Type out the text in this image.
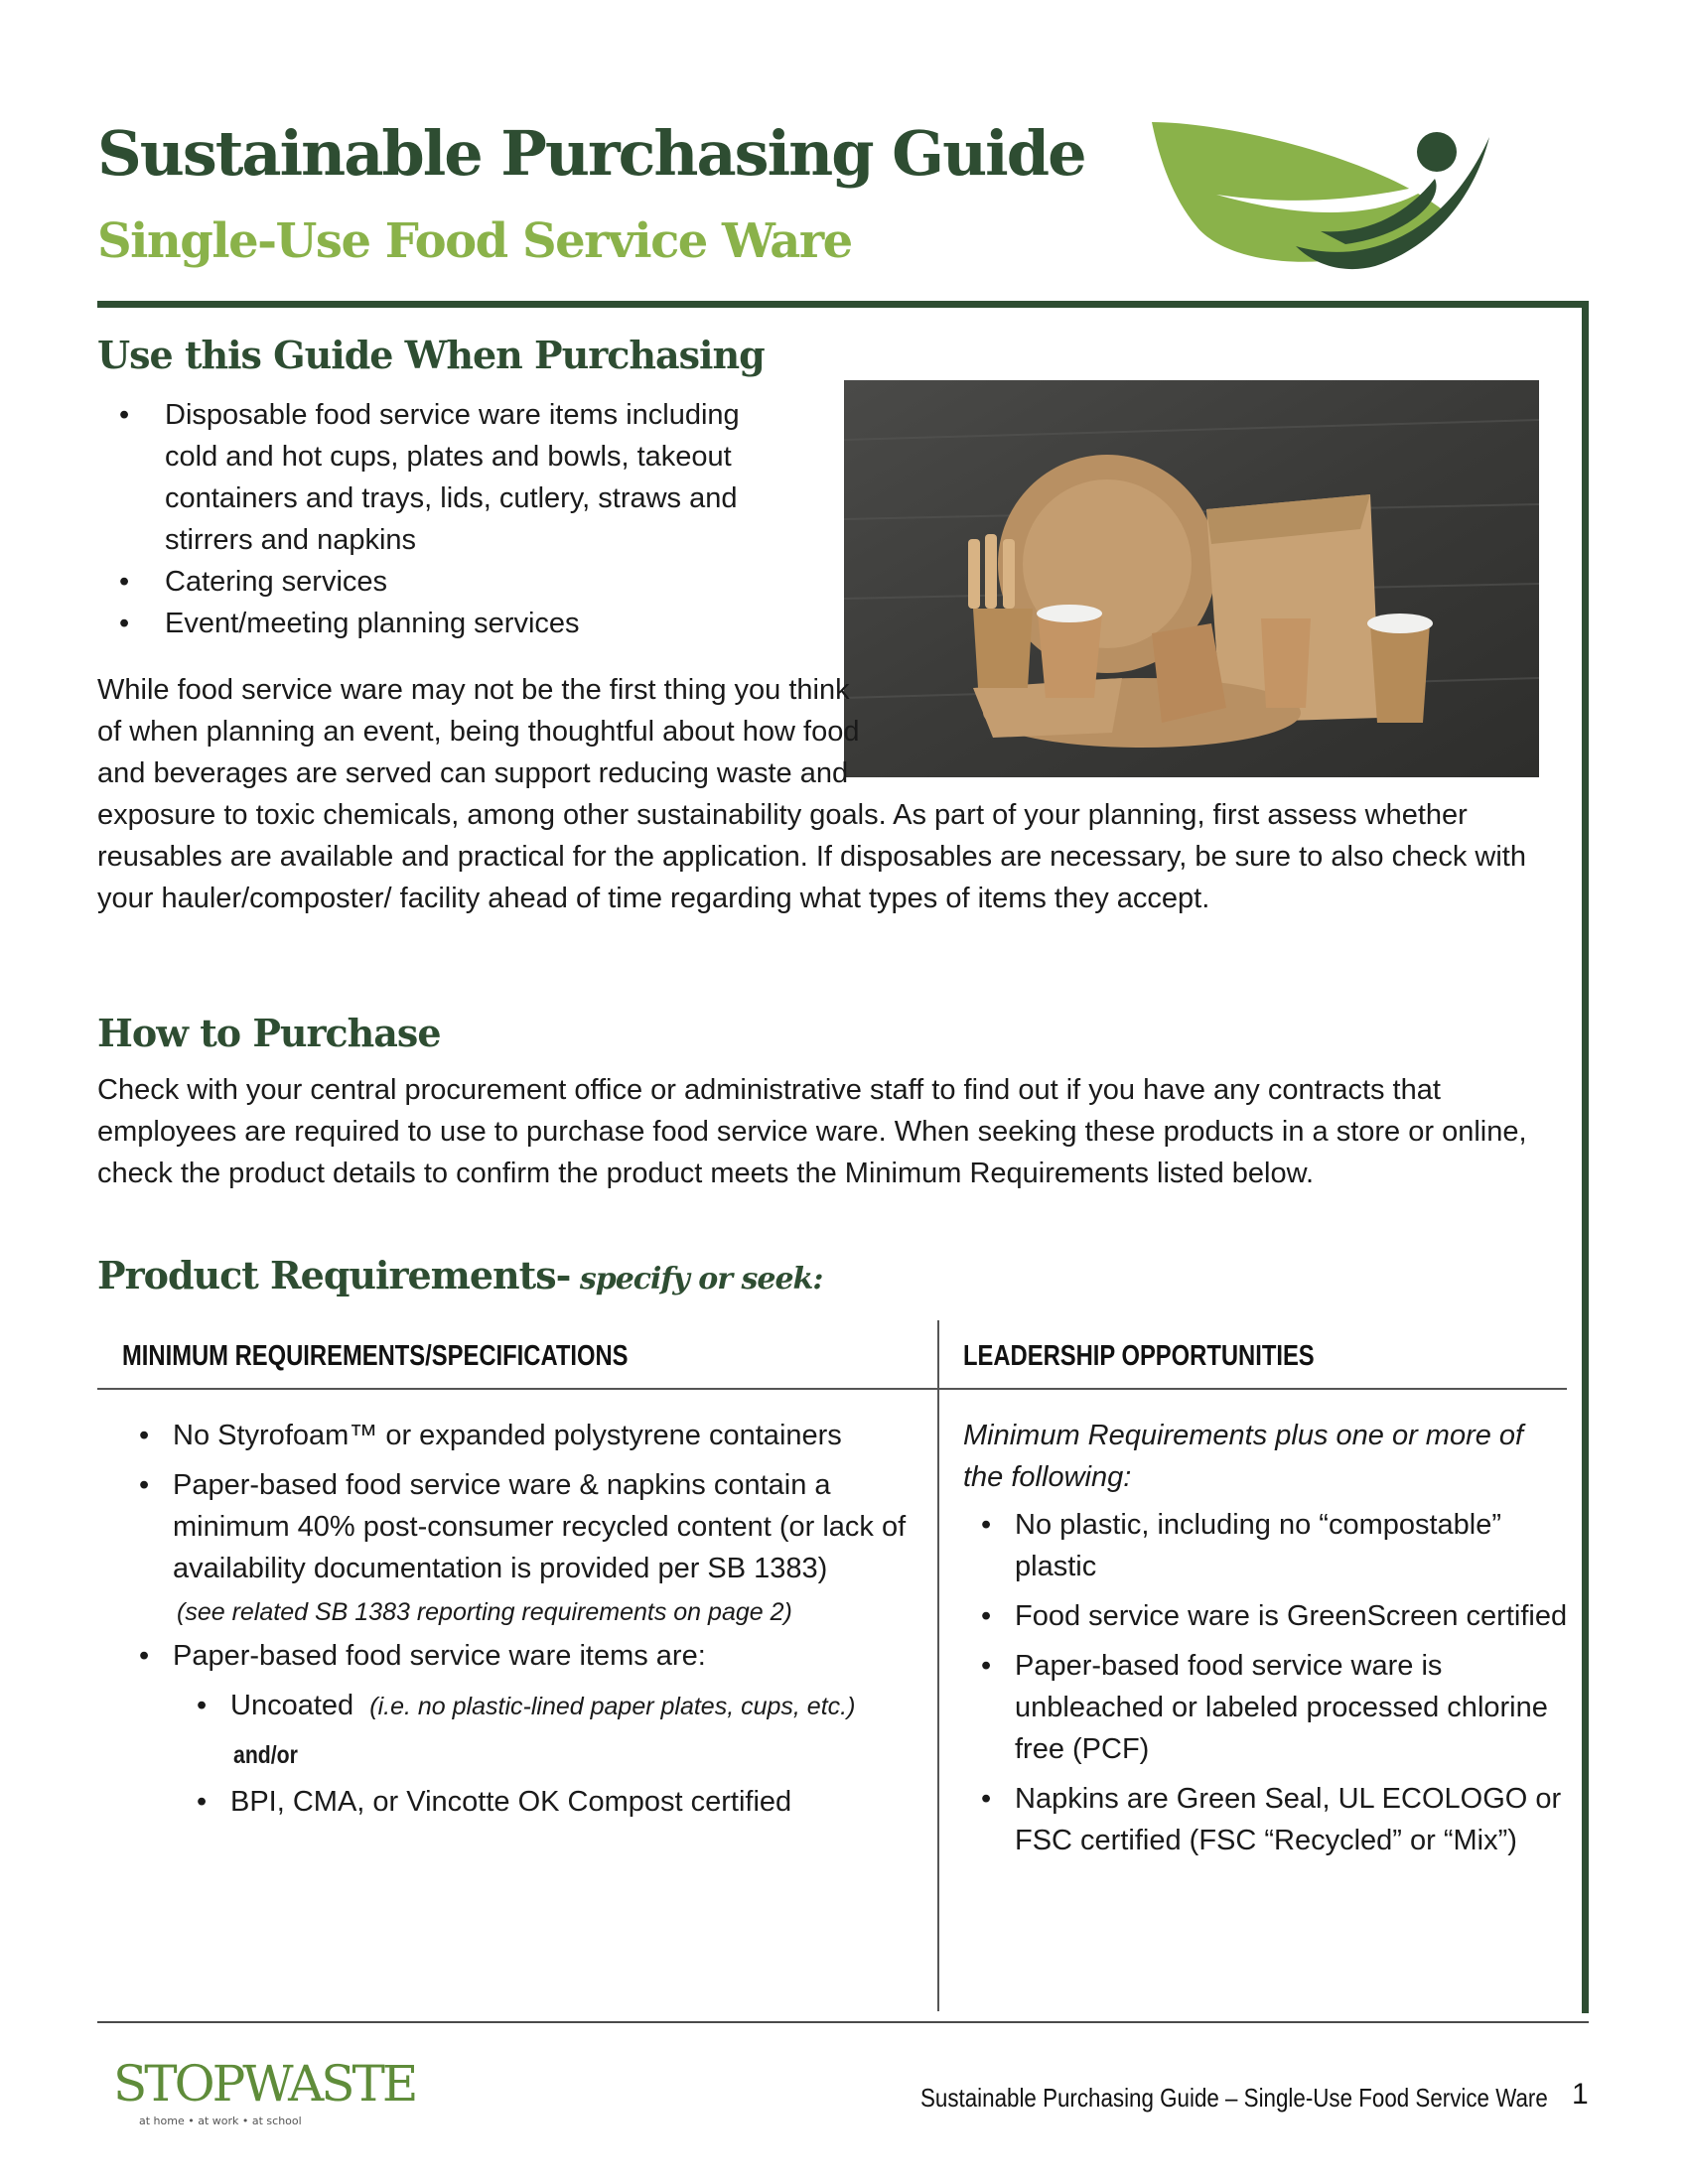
Sustainable Purchasing Guide
Single-Use Food Service Ware
Use this Guide When Purchasing
• Disposable food service ware items including cold and hot cups, plates and bowls, takeout containers and trays, lids, cutlery, straws and stirrers and napkins
• Catering services
• Event/meeting planning services

While food service ware may not be the first thing you think of when planning an event, being thoughtful about how food and beverages are served can support reducing waste and exposure to toxic chemicals, among other sustainability goals. As part of your planning, first assess whether reusables are available and practical for the application. If disposables are necessary, be sure to also check with your hauler/composter/ facility ahead of time regarding what types of items they accept.

How to Purchase

Check with your central procurement office or administrative staff to find out if you have any contracts that employees are required to use to purchase food service ware. When seeking these products in a store or online, check the product details to confirm the product meets the Minimum Requirements listed below.

Product Requirements- specify or seek:
MINIMUM REQUIREMENTS/SPECIFICATIONS	LEADERSHIP OPPORTUNITIES
• No Styrofoam™ or expanded polystyrene containers
• Paper-based food service ware & napkins contain a minimum 40% post-consumer recycled content (or lack of availability documentation is provided per SB 1383)
(see related SB 1383 reporting requirements on page 2)
• Paper-based food service ware items are:
• Uncoated (i.e. no plastic-lined paper plates, cups, etc.)
and/or
• BPI, CMA, or Vincotte OK Compost certified

Minimum Requirements plus one or more of the following:

• No plastic, including no “compostable” plastic
• Food service ware is GreenScreen certified
• Paper-based food service ware is unbleached or labeled processed chlorine free (PCF)
• Napkins are Green Seal, UL ECOLOGO or FSC certified (FSC “Recycled” or “Mix”)
STOPWASTE
at home • at work • at school
Sustainable Purchasing Guide – Single-Use Food Service Ware 1
